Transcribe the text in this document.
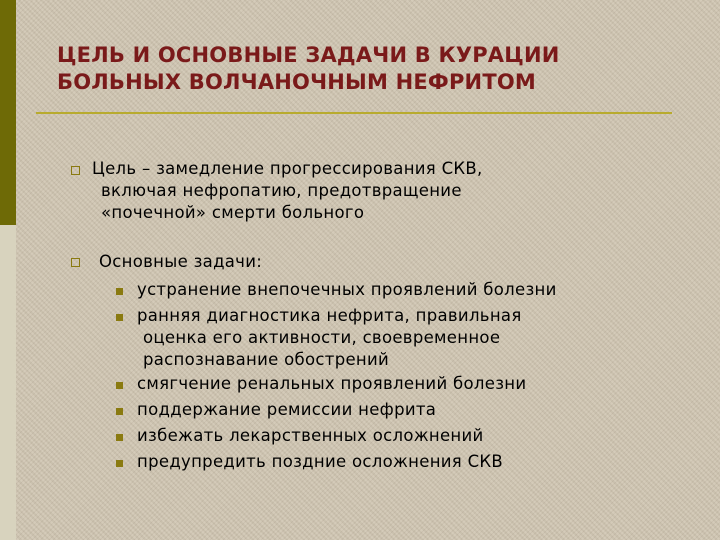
ЦЕЛЬ И ОСНОВНЫЕ ЗАДАЧИ В КУРАЦИИ
БОЛЬНЫХ ВОЛЧАНОЧНЫМ НЕФРИТОМ
Цель – замедление прогрессирования СКВ,
включая нефропатию, предотвращение
«почечной» смерти больного
Основные задачи:
устранение внепочечных проявлений болезни
ранняя диагностика нефрита, правильная
оценка его активности, своевременное
распознавание обострений
смягчение ренальных проявлений болезни
поддержание ремиссии нефрита
избежать лекарственных осложнений
предупредить поздние осложнения СКВ
